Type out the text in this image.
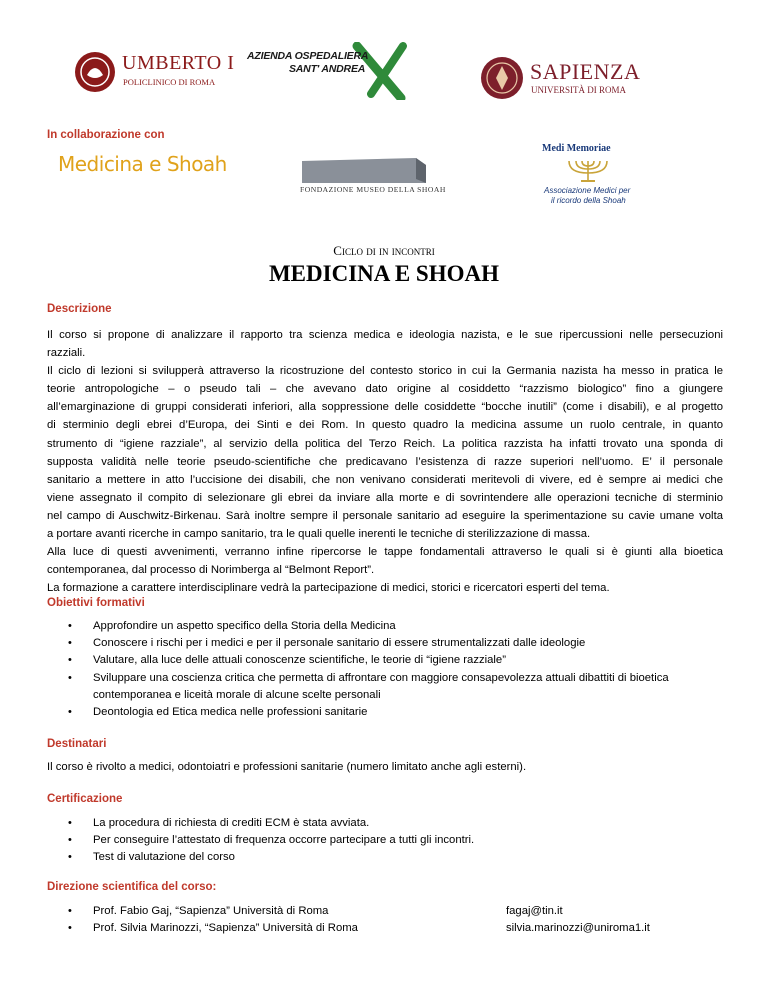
UMBERTO I
POLICLINICO DI ROMA
AZIENDA OSPEDALIERA
SANT' ANDREA	SAPIENZA
UNIVERSITÀ DI ROMA
In collaborazione con
Medicina e Shoah
FONDAZIONE MUSEO DELLA SHOAH
Medi Memoriae
Associazione Medici per
il ricordo della Shoah
Ciclo di in incontri
MEDICINA E SHOAH
Descrizione
Il corso si propone di analizzare il rapporto tra scienza medica e ideologia nazista, e le sue ripercussioni nelle persecuzioni
razziali.
Il ciclo di lezioni si svilupperà attraverso la ricostruzione del contesto storico in cui la Germania nazista ha messo in pratica le
teorie antropologiche – o pseudo tali – che avevano dato origine al cosiddetto “razzismo biologico” fino a giungere
all’emarginazione di gruppi considerati inferiori, alla soppressione delle cosiddette “bocche inutili” (come i disabili), e al progetto
di sterminio degli ebrei d’Europa, dei Sinti e dei Rom. In questo quadro la medicina assume un ruolo centrale, in quanto
strumento di “igiene razziale”, al servizio della politica del Terzo Reich. La politica razzista ha infatti trovato una sponda di
supposta validità nelle teorie pseudo-scientifiche che predicavano l’esistenza di razze superiori nell’uomo. E’ il personale
sanitario a mettere in atto l’uccisione dei disabili, che non venivano considerati meritevoli di vivere, ed è sempre ai medici che
viene assegnato il compito di selezionare gli ebrei da inviare alla morte e di sovrintendere alle operazioni tecniche di sterminio
nel campo di Auschwitz-Birkenau. Sarà inoltre sempre il personale sanitario ad eseguire la sperimentazione su cavie umane volta
a portare avanti ricerche in campo sanitario, tra le quali quelle inerenti le tecniche di sterilizzazione di massa.
Alla luce di questi avvenimenti, verranno infine ripercorse le tappe fondamentali attraverso le quali si è giunti alla bioetica
contemporanea, dal processo di Norimberga al “Belmont Report”.
La formazione a carattere interdisciplinare vedrà la partecipazione di medici, storici e ricercatori esperti del tema.
Obiettivi formativi
• Approfondire un aspetto specifico della Storia della Medicina
• Conoscere i rischi per i medici e per il personale sanitario di essere strumentalizzati dalle ideologie
• Valutare, alla luce delle attuali conoscenze scientifiche, le teorie di “igiene razziale”
• Sviluppare una coscienza critica che permetta di affrontare con maggiore consapevolezza attuali dibattiti di bioetica
contemporanea e liceità morale di alcune scelte personali
• Deontologia ed Etica medica nelle professioni sanitarie
Destinatari
Il corso è rivolto a medici, odontoiatri e professioni sanitarie (numero limitato anche agli esterni).
Certificazione
• La procedura di richiesta di crediti ECM è stata avviata.
• Per conseguire l’attestato di frequenza occorre partecipare a tutti gli incontri.
• Test di valutazione del corso
Direzione scientifica del corso:
• Prof. Fabio Gaj, “Sapienza” Università di Roma
• Prof. Silvia Marinozzi, “Sapienza” Università di Roma
fagaj@tin.it
silvia.marinozzi@uniroma1.it
